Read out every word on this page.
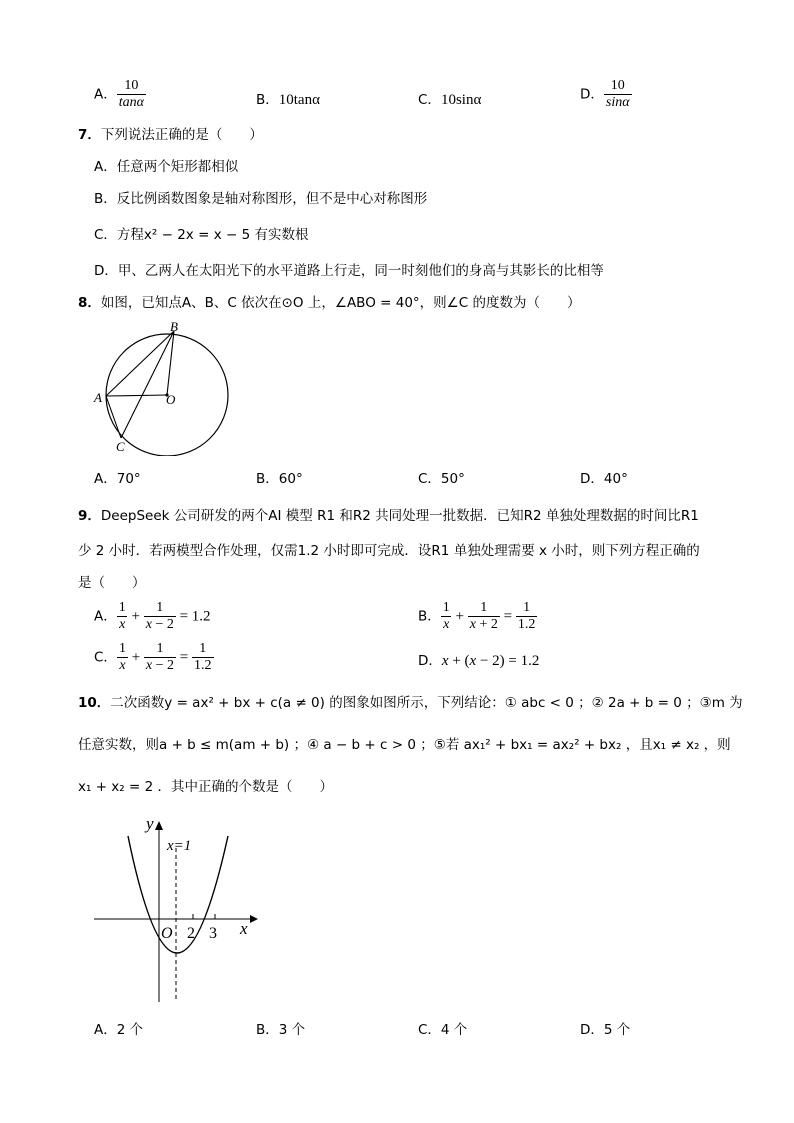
A． $\frac{10}{\tan\alpha}$	B．10tanα	C．10sinα	D． $\frac{10}{\sin\alpha}$
7．下列说法正确的是（　　）
A．任意两个矩形都相似
B．反比例函数图象是轴对称图形，但不是中心对称图形
C．方程x² − 2x = x − 5 有实数根
D．甲、乙两人在太阳光下的水平道路上行走，同一时刻他们的身高与其影长的比相等
8．如图，已知点A、B、C 依次在⊙O 上，∠ABO = 40°，则∠C 的度数为（　　）
B
A	O
C
A．70°	B．60°	C．50°	D．40°
9．DeepSeek 公司研发的两个AI 模型 R1 和R2 共同处理一批数据．已知R2 单独处理数据的时间比R1
少 2 小时．若两模型合作处理，仅需1.2 小时即可完成．设R1 单独处理需要 x 小时，则下列方程正确的
是（　　）
A． $\frac{1}{x} + \frac{1}{x - 2} = 1.2$	B． $\frac{1}{x} + \frac{1}{x + 2} = \frac{1}{1.2}$
C． $\frac{1}{x} + \frac{1}{x - 2} = \frac{1}{1.2}$	D．x + (x − 2) = 1.2
10．二次函数y = ax² + bx + c(a ≠ 0) 的图象如图所示，下列结论：① abc < 0 ；② 2a + b = 0 ；③m 为
任意实数，则a + b ≤ m(am + b) ；④ a − b + c > 0 ；⑤若 ax₁² + bx₁ = ax₂² + bx₂ ，且x₁ ≠ x₂ ，则
x₁ + x₂ = 2 ．其中正确的个数是（　　）
y
x=1
O 2 3 x
A．2 个	B．3 个	C．4 个	D．5 个
